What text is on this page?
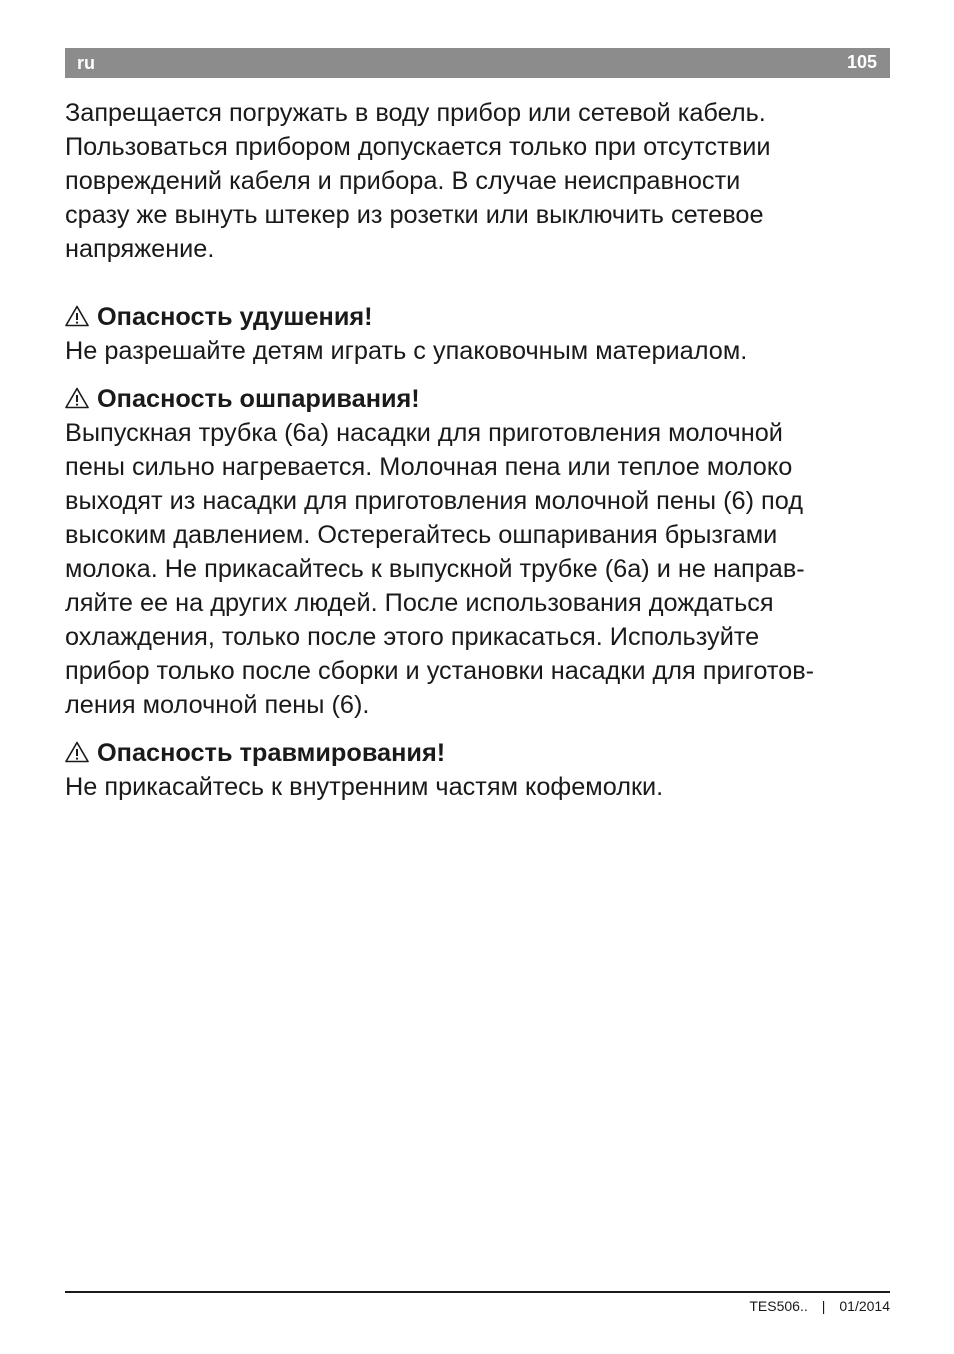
ru	105

Запрещается погружать в воду прибор или сетевой кабель.
Пользоваться прибором допускается только при отсутствии
повреждений кабеля и прибора. В случае неисправности
сразу же вынуть штекер из розетки или выключить сетевое
напряжение.

Опасность удушения!

Не разрешайте детям играть с упаковочным материалом.

Опасность ошпаривания!

Выпускная трубка (6a) насадки для приготовления молочной
пены сильно нагревается. Молочная пена или теплое молоко
выходят из насадки для приготовления молочной пены (6) под
высоким давлением. Остерегайтесь ошпаривания брызгами
молока. Не прикасайтесь к выпускной трубке (6a) и не направ-
ляйте ее на других людей. После использования дождаться
охлаждения, только после этого прикасаться. Используйте
прибор только после сборки и установки насадки для приготов-
ления молочной пены (6).

Опасность травмирования!

Не прикасайтесь к внутренним частям кофемолки.

TES506.. | 01/2014
